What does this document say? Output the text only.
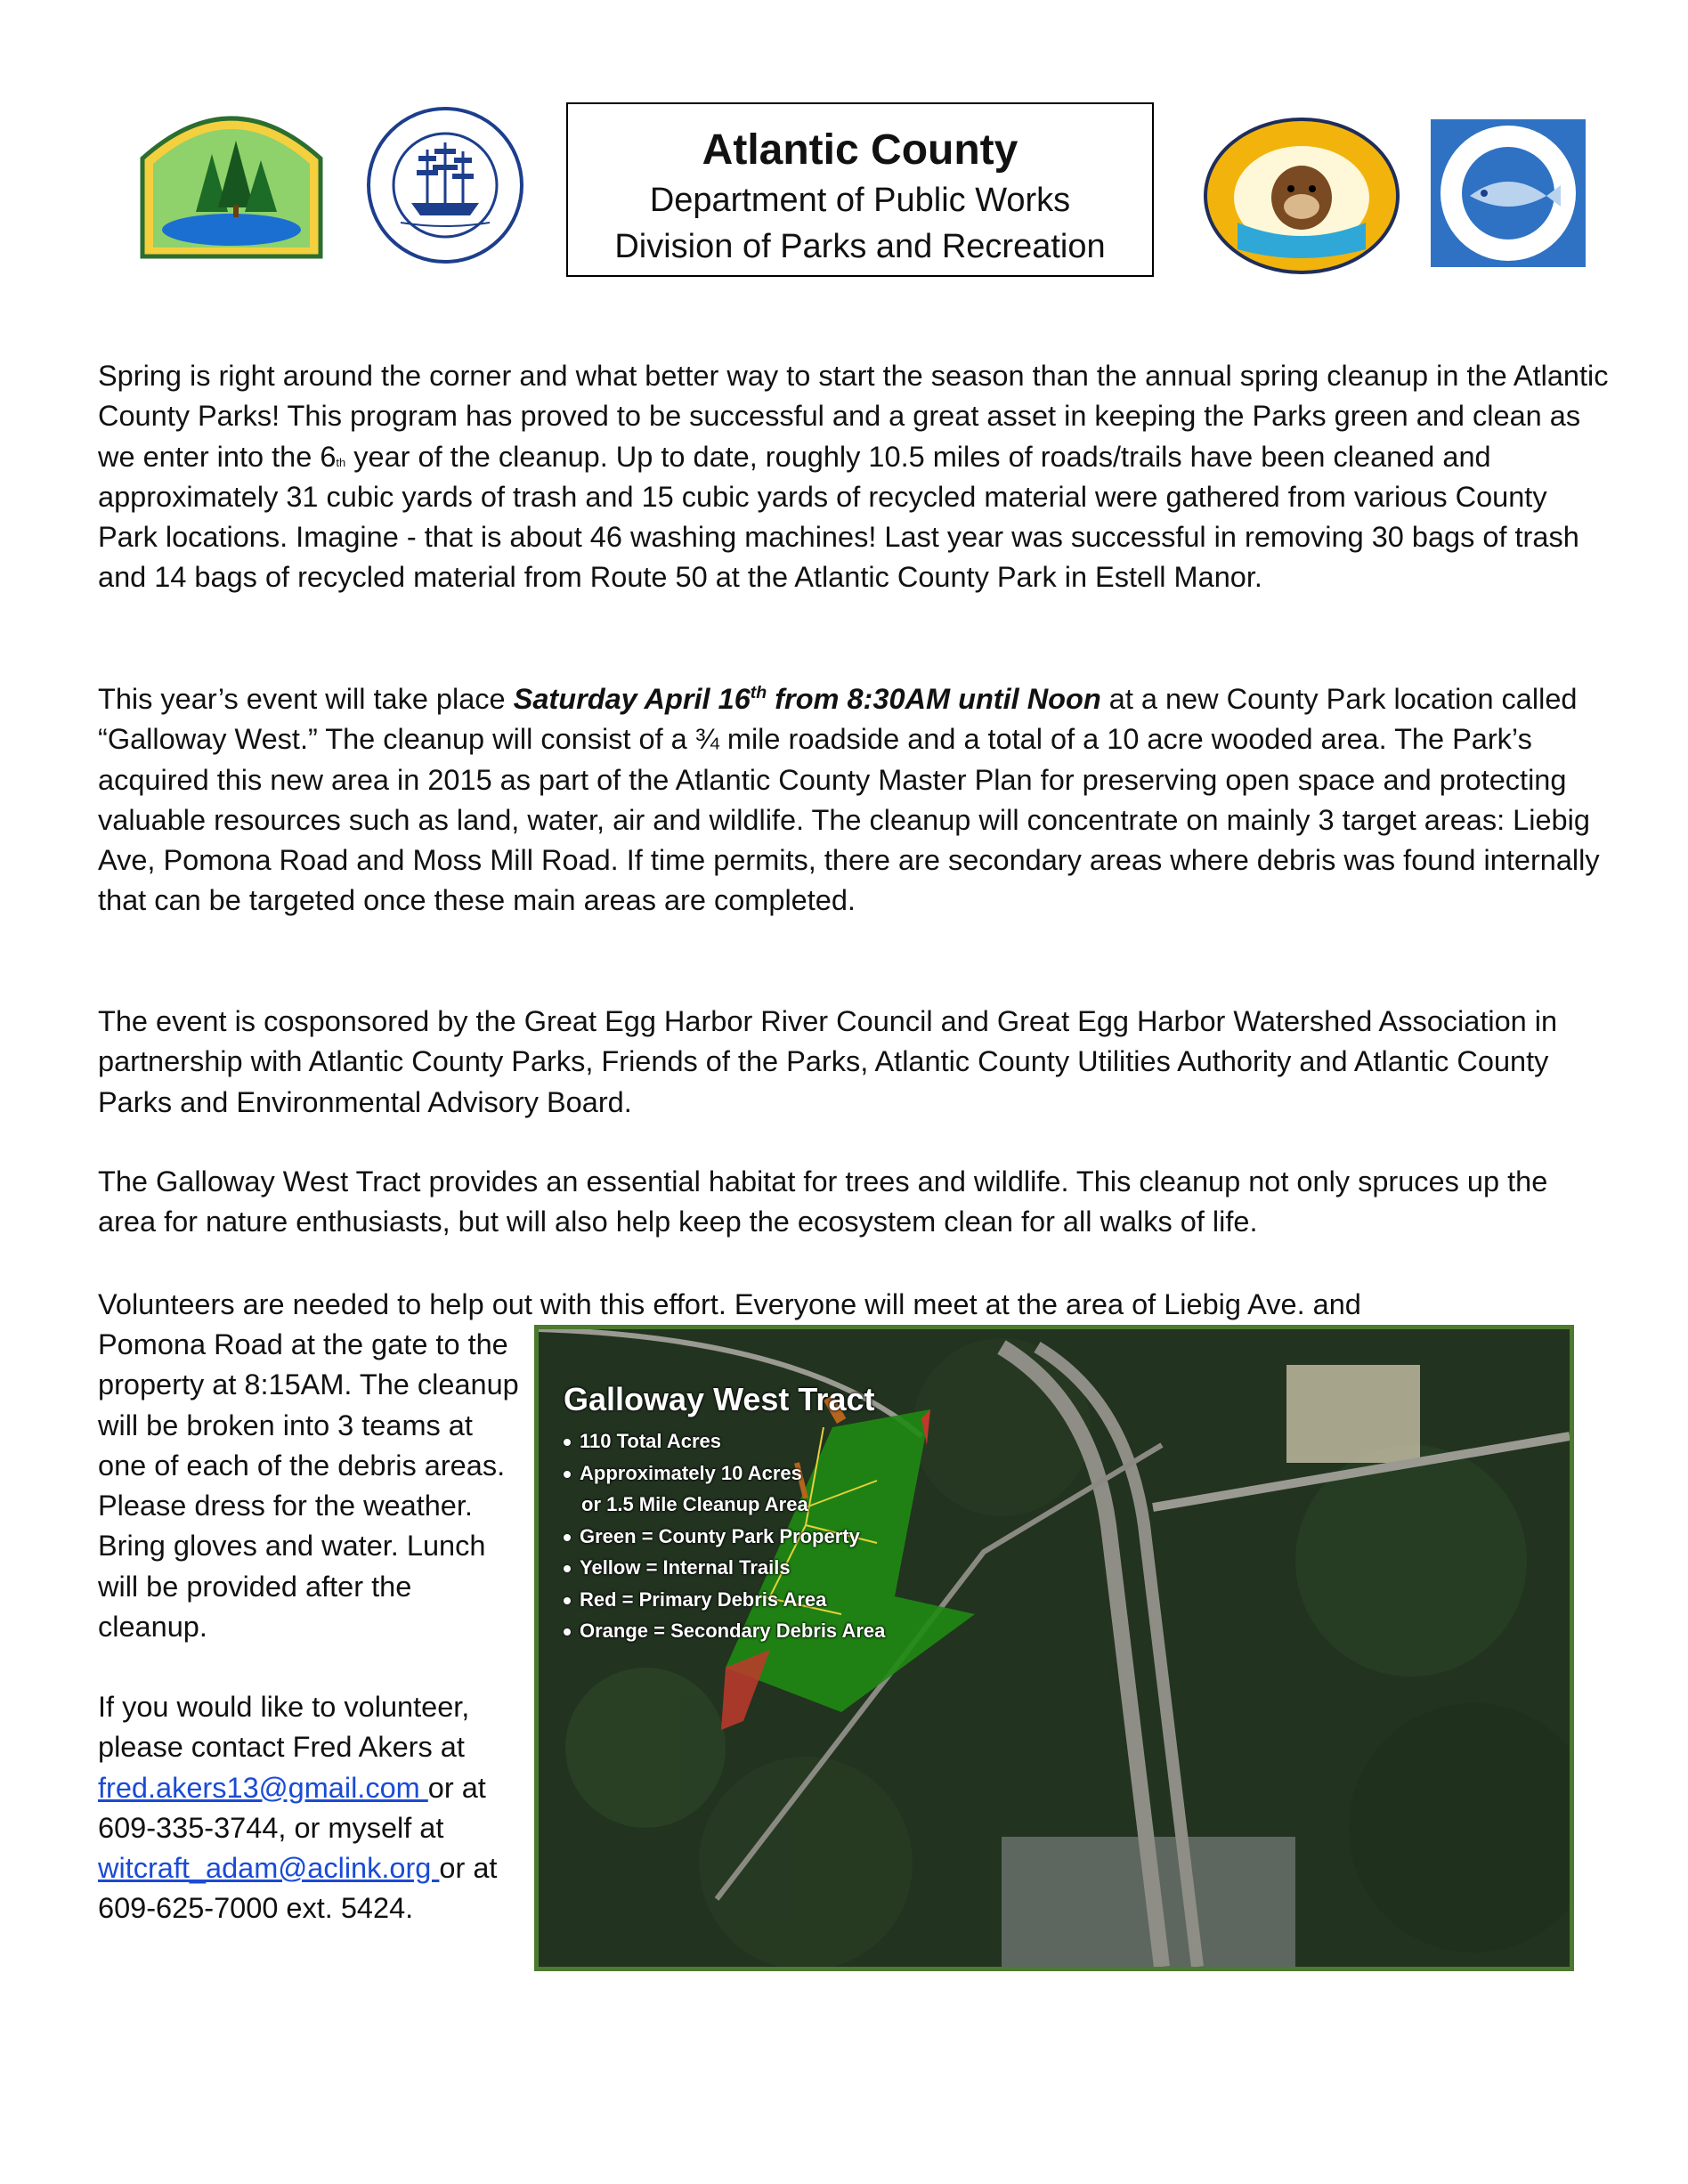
Atlantic County
Department of Public Works
Division of Parks and Recreation
Spring is right around the corner and what better way to start the season than the annual spring cleanup in the Atlantic County Parks! This program has proved to be successful and a great asset in keeping the Parks green and clean as we enter into the 6th year of the cleanup. Up to date, roughly 10.5 miles of roads/trails have been cleaned and approximately 31 cubic yards of trash and 15 cubic yards of recycled material were gathered from various County Park locations. Imagine - that is about 46 washing machines! Last year was successful in removing 30 bags of trash and 14 bags of recycled material from Route 50 at the Atlantic County Park in Estell Manor.
This year’s event will take place Saturday April 16th from 8:30AM until Noon at a new County Park location called “Galloway West.” The cleanup will consist of a ¾ mile roadside and a total of a 10 acre wooded area. The Park’s acquired this new area in 2015 as part of the Atlantic County Master Plan for preserving open space and protecting valuable resources such as land, water, air and wildlife. The cleanup will concentrate on mainly 3 target areas: Liebig Ave, Pomona Road and Moss Mill Road. If time permits, there are secondary areas where debris was found internally that can be targeted once these main areas are completed.
The event is cosponsored by the Great Egg Harbor River Council and Great Egg Harbor Watershed Association in partnership with Atlantic County Parks, Friends of the Parks, Atlantic County Utilities Authority and Atlantic County Parks and Environmental Advisory Board.
The Galloway West Tract provides an essential habitat for trees and wildlife. This cleanup not only spruces up the area for nature enthusiasts, but will also help keep the ecosystem clean for all walks of life.
Volunteers are needed to help out with this effort. Everyone will meet at the area of Liebig Ave. and
Pomona Road at the gate to the property at 8:15AM. The cleanup will be broken into 3 teams at one of each of the debris areas. Please dress for the weather. Bring gloves and water. Lunch will be provided after the cleanup.
If you would like to volunteer, please contact Fred Akers at
fred.akers13@gmail.com or at 609-335-3744, or myself at
witcraft_adam@aclink.org or at 609-625-7000 ext. 5424.
Galloway West Tract
110 Total Acres
Approximately 10 Acres
or 1.5 Mile Cleanup Area
Green = County Park Property
Yellow = Internal Trails
Red = Primary Debris Area
Orange = Secondary Debris Area
